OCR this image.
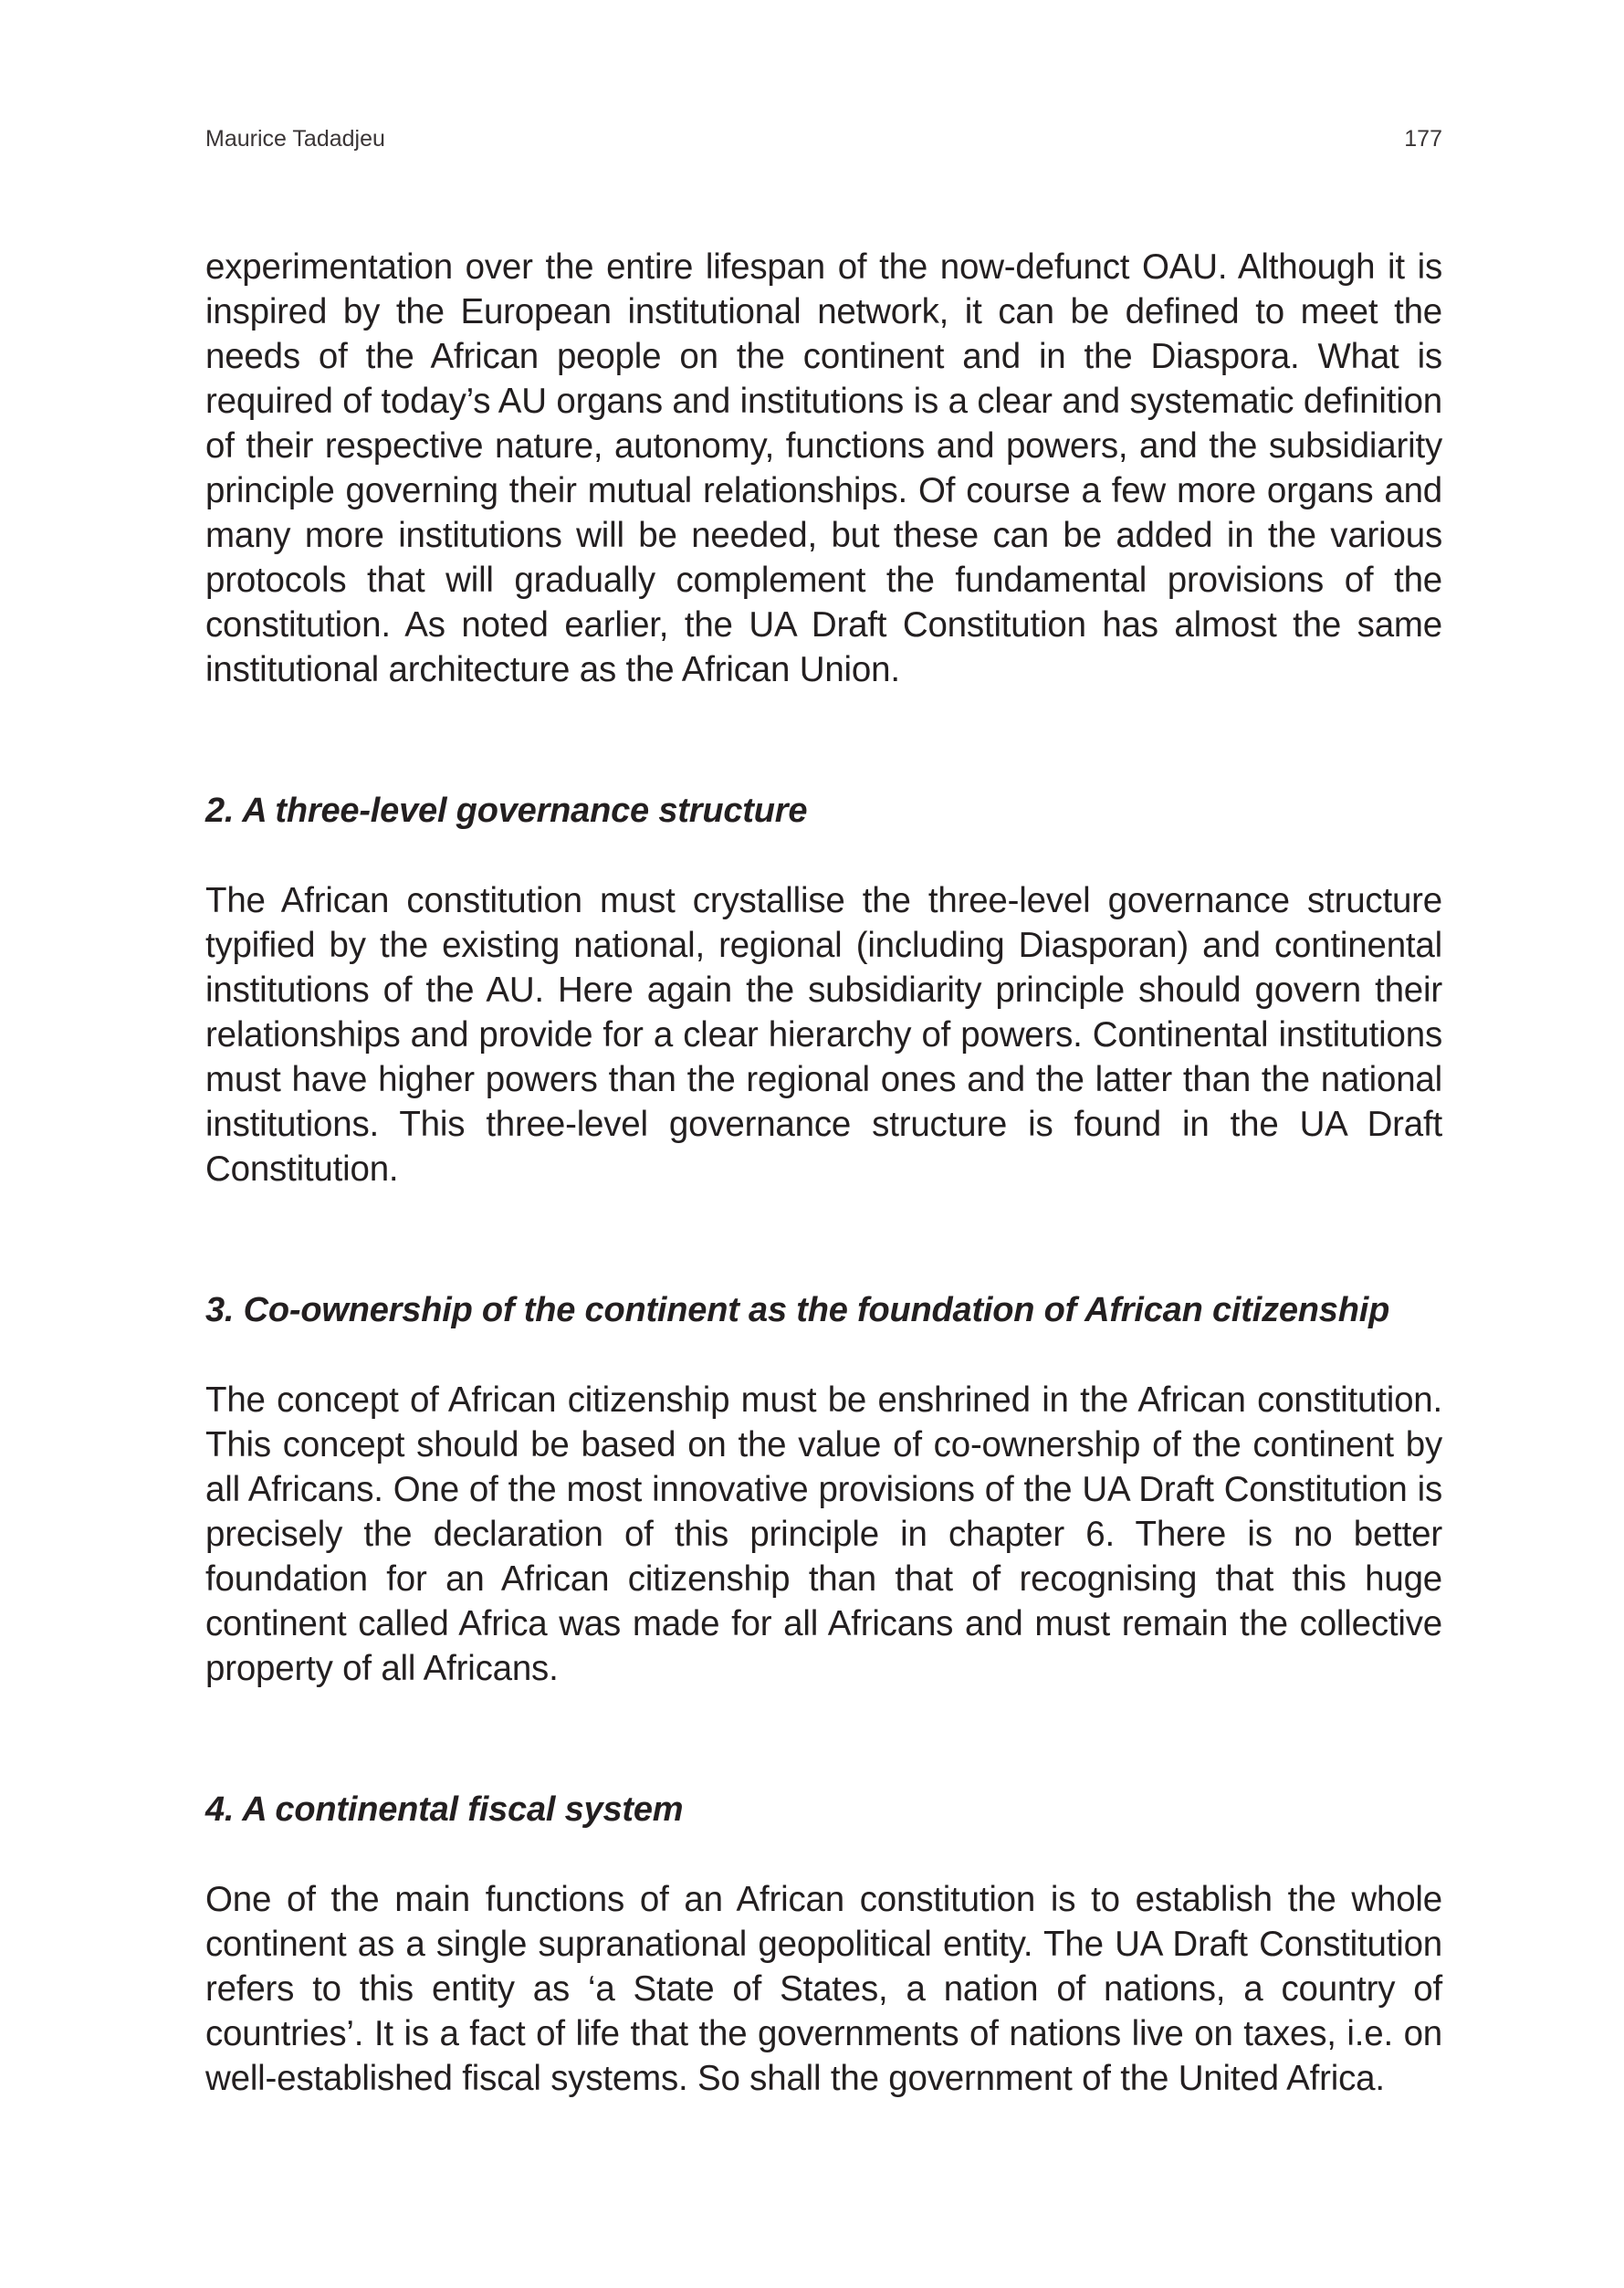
Maurice Tadadjeu	177

experimentation over the entire lifespan of the now-defunct OAU. Although it is inspired by the European institutional network, it can be defined to meet the needs of the African people on the continent and in the Diaspora. What is required of today’s AU organs and institutions is a clear and systematic definition of their respective nature, autonomy, functions and powers, and the subsidiarity principle governing their mutual relationships. Of course a few more organs and many more institutions will be needed, but these can be added in the various protocols that will gradually complement the fundamental provisions of the constitution. As noted earlier, the UA Draft Constitution has almost the same institutional architecture as the African Union.

2. A three-level governance structure

The African constitution must crystallise the three-level governance structure typified by the existing national, regional (including Diasporan) and continental institutions of the AU. Here again the subsidiarity principle should govern their relationships and provide for a clear hierarchy of powers. Continental institutions must have higher powers than the regional ones and the latter than the national institutions. This three-level governance structure is found in the UA Draft Constitution.

3. Co-ownership of the continent as the foundation of African citizenship

The concept of African citizenship must be enshrined in the African constitution. This concept should be based on the value of co-ownership of the continent by all Africans. One of the most innovative provisions of the UA Draft Constitution is precisely the declaration of this principle in chapter 6. There is no better foundation for an African citizenship than that of recognising that this huge continent called Africa was made for all Africans and must remain the collective property of all Africans.

4. A continental fiscal system

One of the main functions of an African constitution is to establish the whole continent as a single supranational geopolitical entity. The UA Draft Constitution refers to this entity as ‘a State of States, a nation of nations, a country of countries’. It is a fact of life that the governments of nations live on taxes, i.e. on well-established fiscal systems. So shall the government of the United Africa.
